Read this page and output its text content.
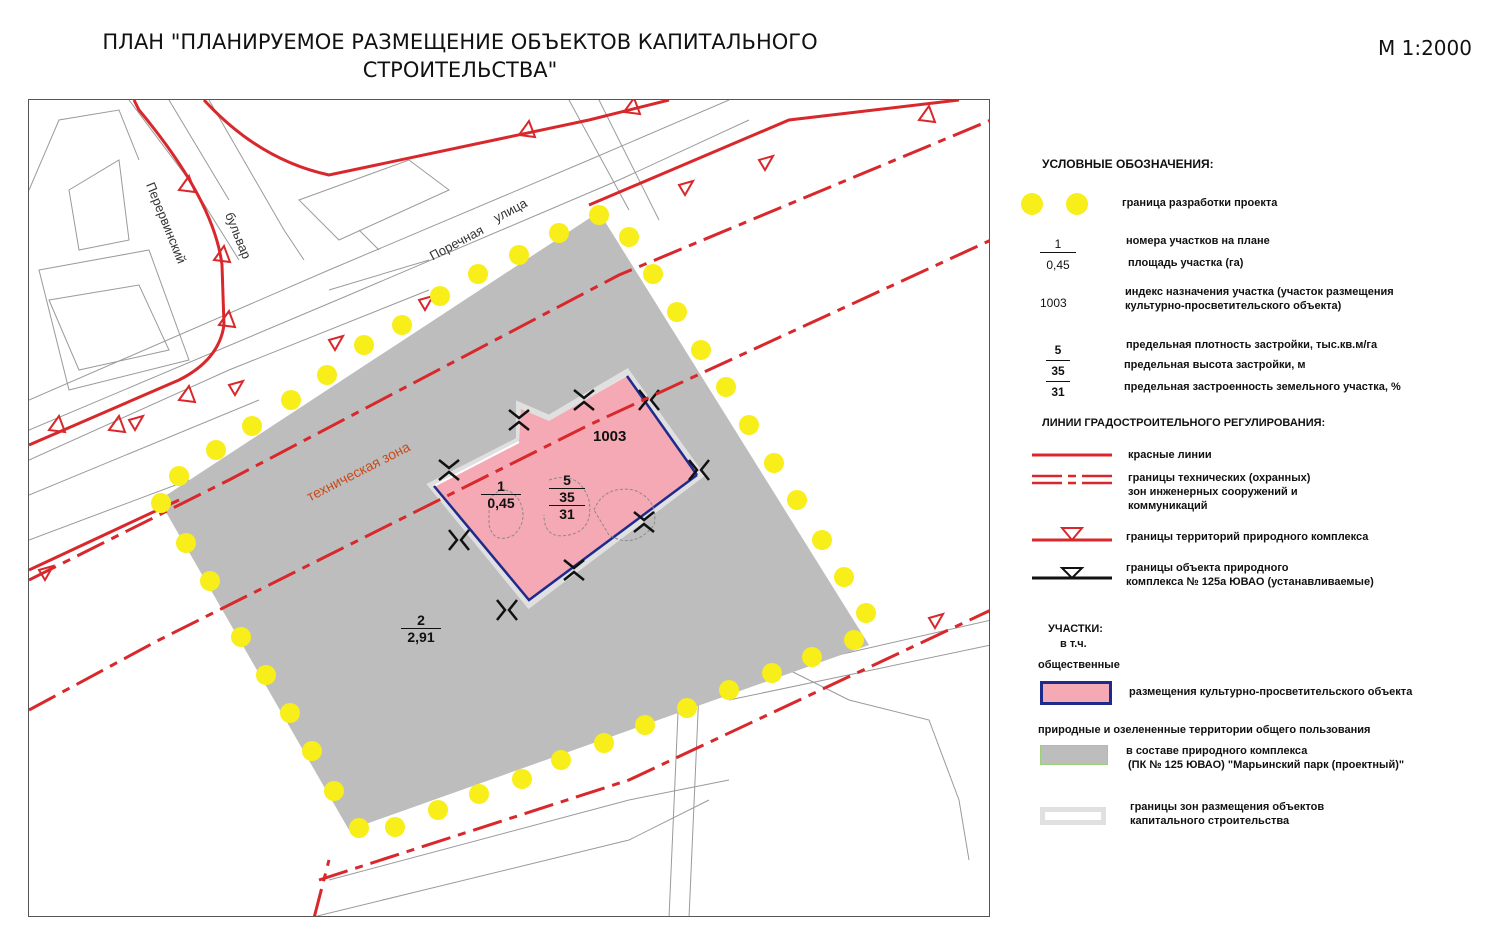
ПЛАН "ПЛАНИРУЕМОЕ РАЗМЕЩЕНИЕ ОБЪЕКТОВ КАПИТАЛЬНОГО
СТРОИТЕЛЬСТВА"
М 1:2000
Перервинский	бульвар	Поречная
улица
техническая зона
1003
$\frac{1}{0,45}$	5
35
31
$\frac{2}{2,91}$
УСЛОВНЫЕ ОБОЗНАЧЕНИЯ:
граница разработки проекта
$\frac{1}{0,45}$	номера участков на плане
площадь участка (га)
1003
индекс назначения участка (участок размещения
культурно-просветительского объекта)
5
35
31
предельная плотность застройки, тыс.кв.м/га
предельная высота застройки, м
предельная застроенность земельного участка, %
ЛИНИИ ГРАДОСТРОИТЕЛЬНОГО РЕГУЛИРОВАНИЯ:
красные линии
границы технических (охранных)
зон инженерных сооружений и
коммуникаций
границы территорий природного комплекса
границы объекта природного
комплекса № 125а ЮВАО (устанавливаемые)
УЧАСТКИ:
в т.ч.
общественные
размещения культурно-просветительского объекта
природные и озелененные территории общего пользования
в составе природного комплекса
(ПК № 125 ЮВАО) "Марьинский парк (проектный)"
границы зон размещения объектов
капитального строительства
